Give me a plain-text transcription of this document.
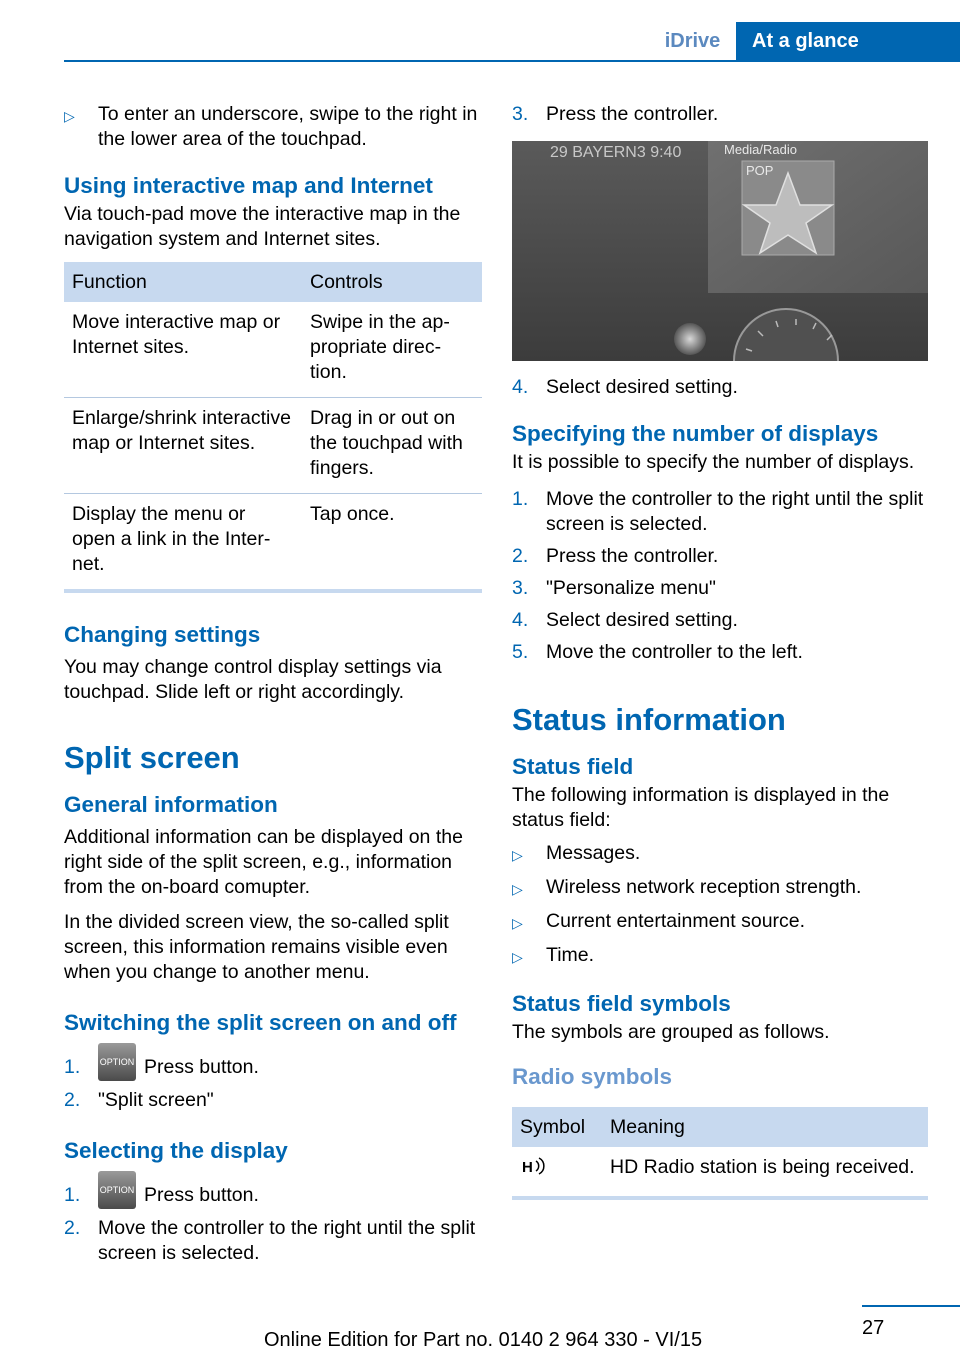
iDrive	At a glance
▷	To enter an underscore, swipe to the right in the lower area of the touchpad.
Using interactive map and Internet

Via touch-pad move the interactive map in the navigation system and Internet sites.

Function	Controls
Move interactive map or Internet sites.	Swipe in the ap‐ propriate direc‐ tion.
Enlarge/shrink interactive map or Internet sites.	Drag in or out on the touchpad with fingers.
Display the menu or open a link in the Inter‐ net.	Tap once.
Changing settings

You may change control display settings via touchpad. Slide left or right accordingly.

Split screen
General information

Additional information can be displayed on the right side of the split screen, e.g., information from the on-board comupter.

In the divided screen view, the so-called split screen, this information remains visible even when you change to another menu.

Switching the split screen on and off
1.	OPTION Press button.
2. "Split screen"
Selecting the display
1.	OPTION Press button.
2. Move the controller to the right until the split screen is selected.
3. Press the controller.
29 BAYERN3 9:40	Media/Radio
POP
4. Select desired setting.
Specifying the number of displays

It is possible to specify the number of displays.

1. Move the controller to the right until the split screen is selected.
2. Press the controller.
3. "Personalize menu"
4. Select desired setting.
5. Move the controller to the left.
Status information
Status field

The following information is displayed in the status field:

▷	Messages.
▷	Wireless network reception strength.
▷	Current entertainment source.
▷	Time.
Status field symbols

The symbols are grouped as follows.

Radio symbols
Symbol	Meaning

H	HD Radio station is being received.
27
Online Edition for Part no. 0140 2 964 330 - VI/15
